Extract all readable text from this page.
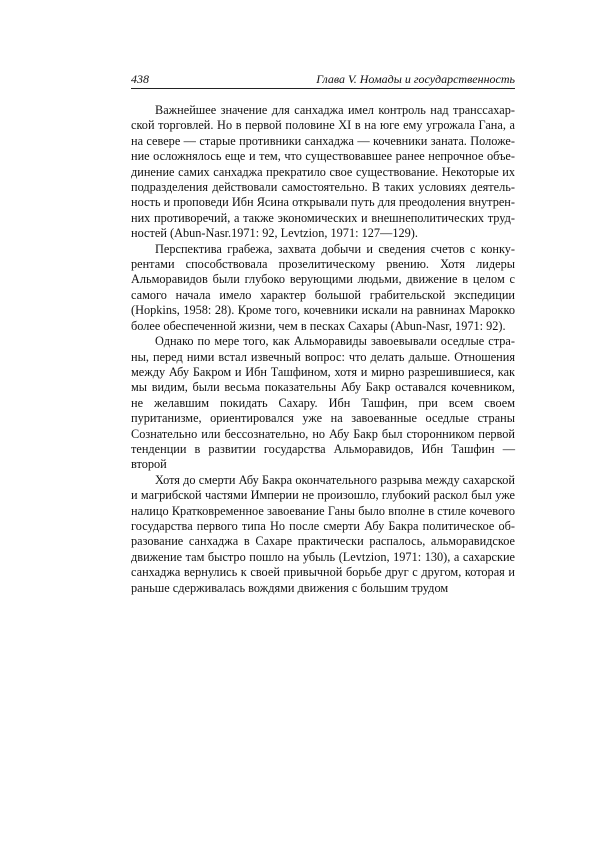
438	Глава V. Номады и государственность

Важнейшее значение для санхаджа имел контроль над транссахарской торговлей. Но в первой половине XI в на юге ему угрожала Гана, а на севере — старые противники санхаджа — кочевники зaната. Положение осложнялось еще и тем, что существовавшее ранее непрочное объединение самих санхаджа прекратило свое существование. Некоторые их подразделения действовали самостоятельно. В таких условиях деятельность и проповеди Ибн Ясина открывали путь для преодоления внутренних противоречий, а также экономических и внешнеполитических трудностей (Abun-Nasr.1971: 92, Levtzion, 1971: 127—129).

Перспектива грабежа, захвата добычи и сведения счетов с конкурентами способствовала прозелитическому рвению. Хотя лидеры Альморавидов были глубоко верующими людьми, движение в целом с самого начала имело характер большой грабительской экспедиции (Hopkins, 1958: 28). Кроме того, кочевники искали на равнинах Марокко более обеспеченной жизни, чем в песках Сахары (Abun-Nasr, 1971: 92).

Однако по мере того, как Альморавиды завоевывали оседлые страны, перед ними встал извечный вопрос: что делать дальше. Отношения между Абу Бакром и Ибн Ташфином, хотя и мирно разрешившиеся, как мы видим, были весьма показательны Абу Бакр оставался кочевником, не желавшим покидать Сахару. Ибн Ташфин, при всем своем пуританизме, ориентировался уже на завоеванные оседлые страны Сознательно или бессознательно, но Абу Бакр был сторонником первой тенденции в развитии государства Альморавидов, Ибн Ташфин — второй

Хотя до смерти Абу Бакра окончательного разрыва между сахарской и магрибской частями Империи не произошло, глубокий раскол был уже налицо Кратковременное завоевание Ганы было вполне в стиле кочевого государства первого типа Но после смерти Абу Бакра политическое образование санхаджа в Сахаре практически распалось, альморавидское движение там быстро пошло на убыль (Levtzion, 1971: 130), а сахарские санхаджа вернулись к своей привычной борьбе друг с другом, которая и раньше сдерживалась вождями движения с большим трудом
